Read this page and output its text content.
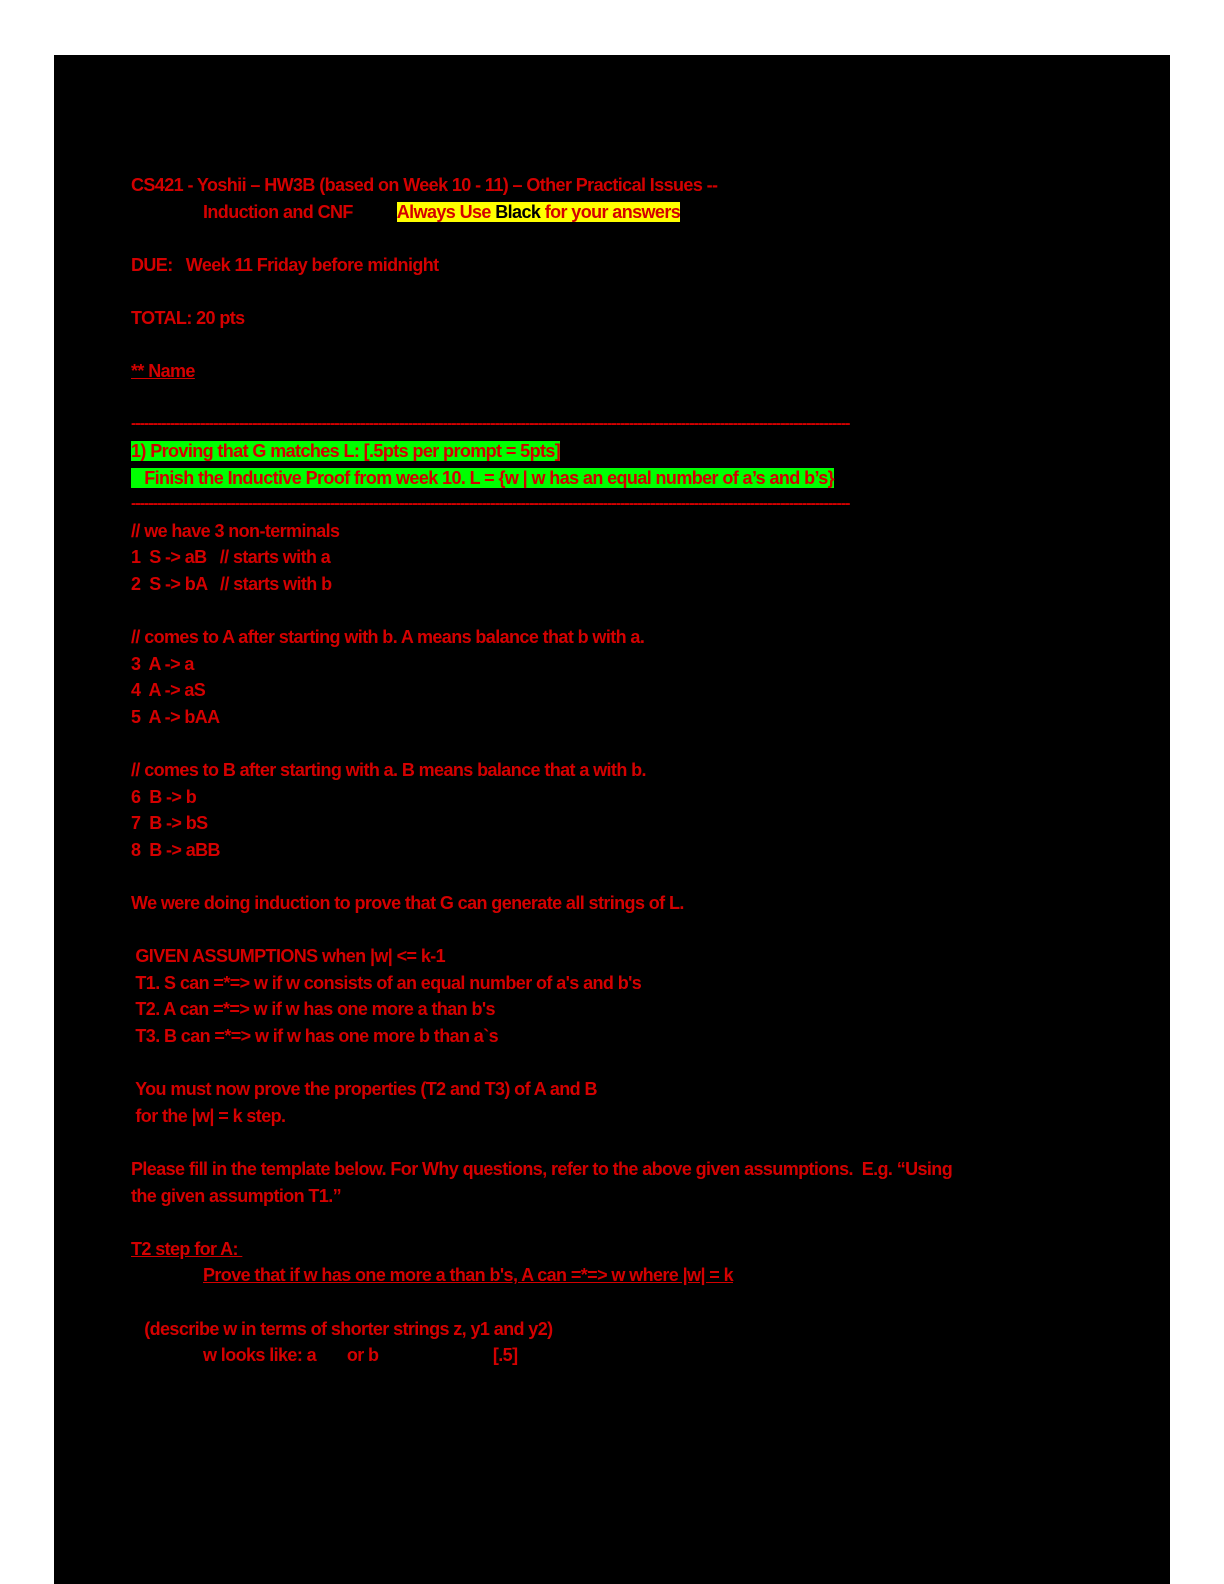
CS421 - Yoshii – HW3B (based on Week 10 - 11) – Other Practical Issues --
Induction and CNF Always Use Black for your answers
DUE:   Week 11 Friday before midnight
TOTAL: 20 pts
** Name
----------------------------------------------------------------------------------------------------------------------------------------------------------------------
1) Proving that G matches L: [.5pts per prompt = 5pts]
Finish the Inductive Proof from week 10. L = {w | w has an equal number of a’s and b’s}
----------------------------------------------------------------------------------------------------------------------------------------------------------------------
// we have 3 non-terminals
1  S -> aB   // starts with a
2  S -> bA   // starts with b
// comes to A after starting with b. A means balance that b with a.
3  A -> a
4  A -> aS
5  A -> bAA
// comes to B after starting with a. B means balance that a with b.
6  B -> b
7  B -> bS
8  B -> aBB
We were doing induction to prove that G can generate all strings of L.
GIVEN ASSUMPTIONS when |w| <= k-1
T1. S can =*=> w if w consists of an equal number of a's and b's
T2. A can =*=> w if w has one more a than b's
T3. B can =*=> w if w has one more b than a`s
You must now prove the properties (T2 and T3) of A and B
for the |w| = k step.
Please fill in the template below. For Why questions, refer to the above given assumptions.  E.g. “Using
the given assumption T1.”
T2 step for A:
Prove that if w has one more a than b's, A can =*=> w where |w| = k
(describe w in terms of shorter strings z, y1 and y2)
w looks like: a       or b                          [.5]
